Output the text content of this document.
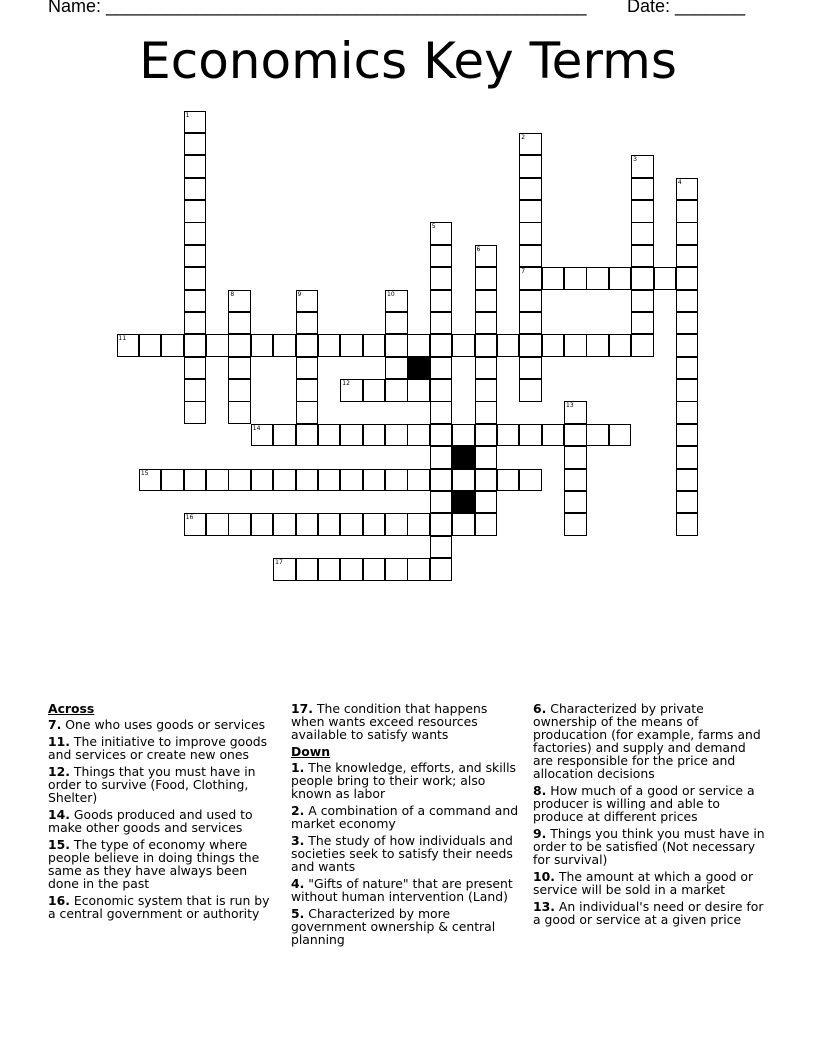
Name: ________________________________________________ Date: _______
Economics Key Terms
1
2
7
3
4
5
6
8	9	10
13
11
12
14
15
16
17
Across
7. One who uses goods or services
11. The initiative to improve goods and services or create new ones
12. Things that you must have in order to survive (Food, Clothing, Shelter)
14. Goods produced and used to make other goods and services
15. The type of economy where people believe in doing things the same as they have always been done in the past
16. Economic system that is run by a central government or authority
17. The condition that happens when wants exceed resources available to satisfy wants
Down
1. The knowledge, efforts, and skills people bring to their work; also known as labor
2. A combination of a command and market economy
3. The study of how individuals and societies seek to satisfy their needs and wants
4. "Gifts of nature" that are present without human intervention (Land)
5. Characterized by more government ownership & central planning
6. Characterized by private ownership of the means of producation (for example, farms and factories) and supply and demand are responsible for the price and allocation decisions
8. How much of a good or service a producer is willing and able to produce at different prices
9. Things you think you must have in order to be satisfied (Not necessary for survival)
10. The amount at which a good or service will be sold in a market
13. An individual's need or desire for a good or service at a given price
